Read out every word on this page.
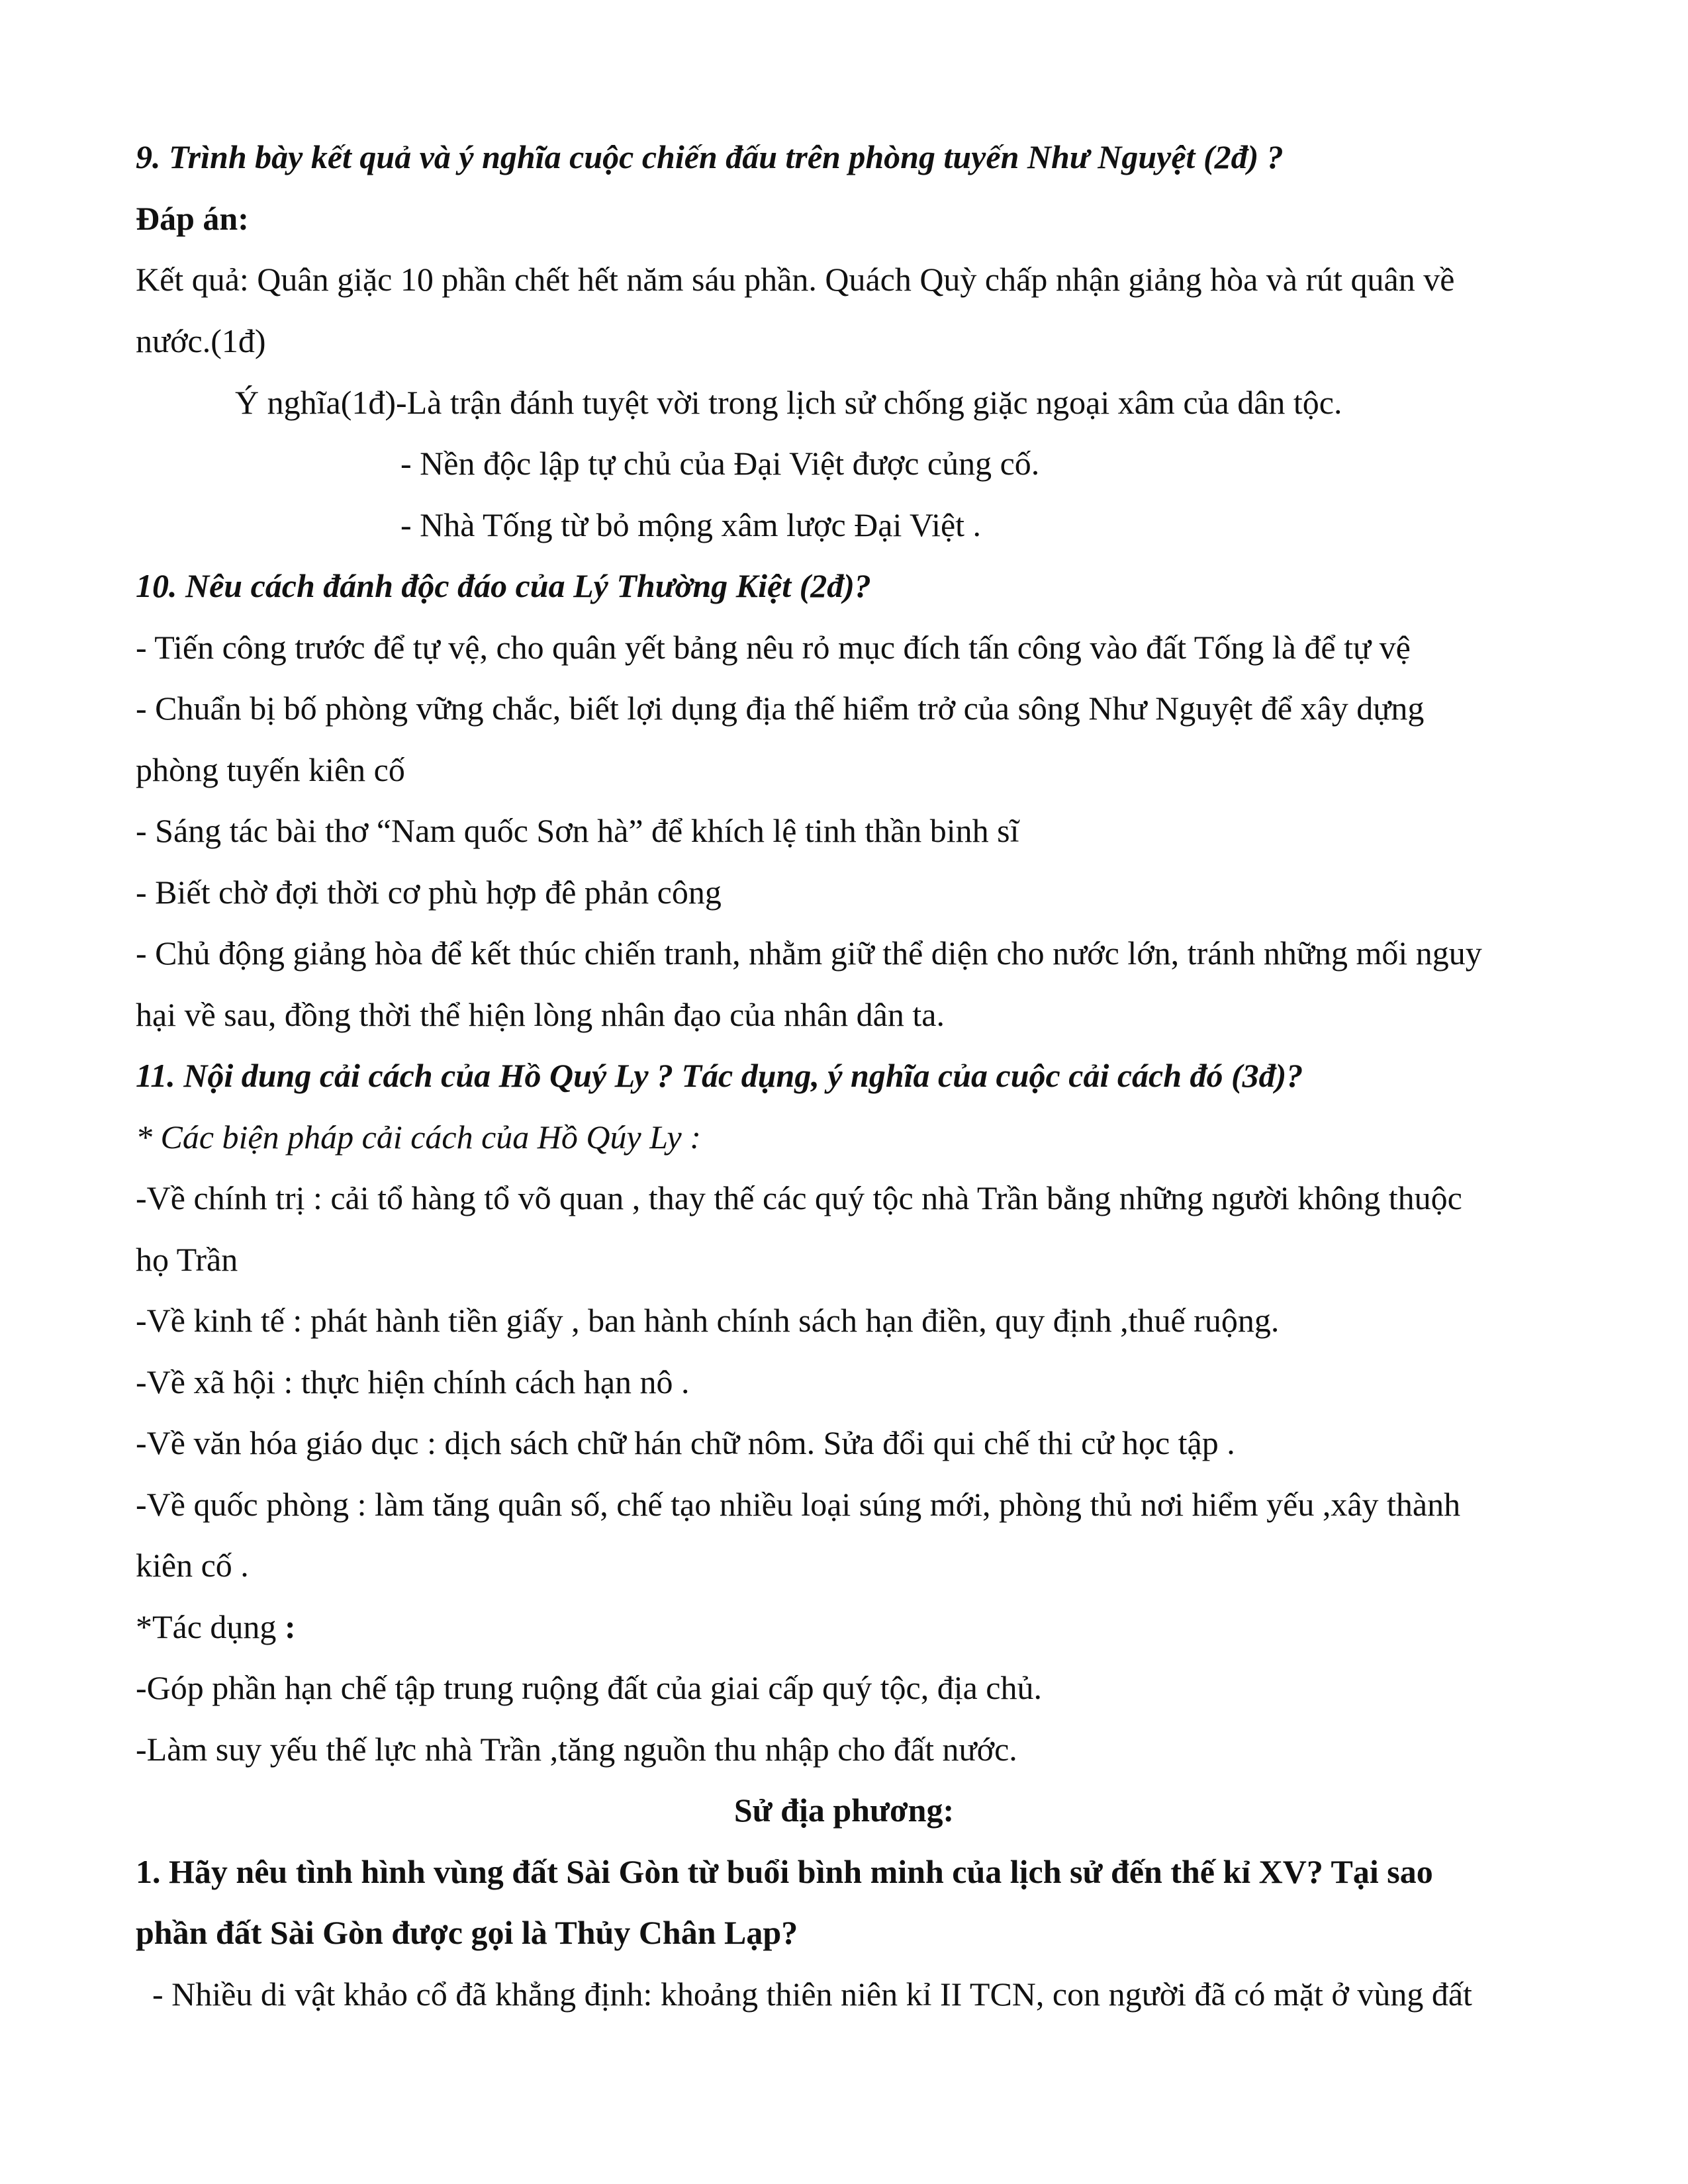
9. Trình bày kết quả và ý nghĩa cuộc chiến đấu trên phòng tuyến Như Nguyệt (2đ) ?
Đáp án:
Kết quả: Quân giặc 10 phần chết hết năm sáu phần. Quách Quỳ chấp nhận giảng hòa và rút quân về
nước.(1đ)
Ý nghĩa(1đ)-Là trận đánh tuyệt vời trong lịch sử chống giặc ngoại xâm của dân tộc.
- Nền độc lập tự chủ của Đại Việt được củng cố.
- Nhà Tống từ bỏ mộng xâm lược Đại Việt .
10. Nêu cách đánh độc đáo của Lý Thường Kiệt (2đ)?
- Tiến công trước để tự vệ, cho quân yết bảng nêu rỏ mục đích tấn công vào đất Tống là để tự vệ
- Chuẩn bị bố phòng vững chắc, biết lợi dụng địa thế hiểm trở của sông Như Nguyệt để xây dựng
phòng tuyến kiên cố
- Sáng tác bài thơ “Nam quốc Sơn hà” để khích lệ tinh thần binh sĩ
- Biết chờ đợi thời cơ phù hợp đê phản công
- Chủ động giảng hòa để kết thúc chiến tranh, nhằm giữ thể diện cho nước lớn, tránh những mối nguy
hại về sau, đồng thời thể hiện lòng nhân đạo của nhân dân ta.
11. Nội dung cải cách của Hồ Quý Ly ? Tác dụng, ý nghĩa của cuộc cải cách đó (3đ)?
* Các biện pháp cải cách của Hồ Qúy Ly :
-Về chính trị : cải tổ hàng tổ võ quan , thay thế các quý tộc nhà Trần bằng những người không thuộc
họ Trần
-Về kinh tế : phát hành tiền giấy , ban hành chính sách hạn điền, quy định ,thuế ruộng.
-Về xã hội : thực hiện chính cách hạn nô .
-Về văn hóa giáo dục : dịch sách chữ hán chữ nôm. Sửa đổi qui chế thi cử học tập .
-Về quốc phòng : làm tăng quân số, chế tạo nhiều loại súng mới, phòng thủ nơi hiểm yếu ,xây thành
kiên cố .
*Tác dụng :
-Góp phần hạn chế tập trung ruộng đất của giai cấp quý tộc, địa chủ.
-Làm suy yếu thế lực nhà Trần ,tăng nguồn thu nhập cho đất nước.
Sử địa phương:
1. Hãy nêu tình hình vùng đất Sài Gòn từ buổi bình minh của lịch sử đến thế kỉ XV? Tại sao
phần đất Sài Gòn được gọi là Thủy Chân Lạp?
- Nhiều di vật khảo cổ đã khẳng định: khoảng thiên niên kỉ II TCN, con người đã có mặt ở vùng đất
